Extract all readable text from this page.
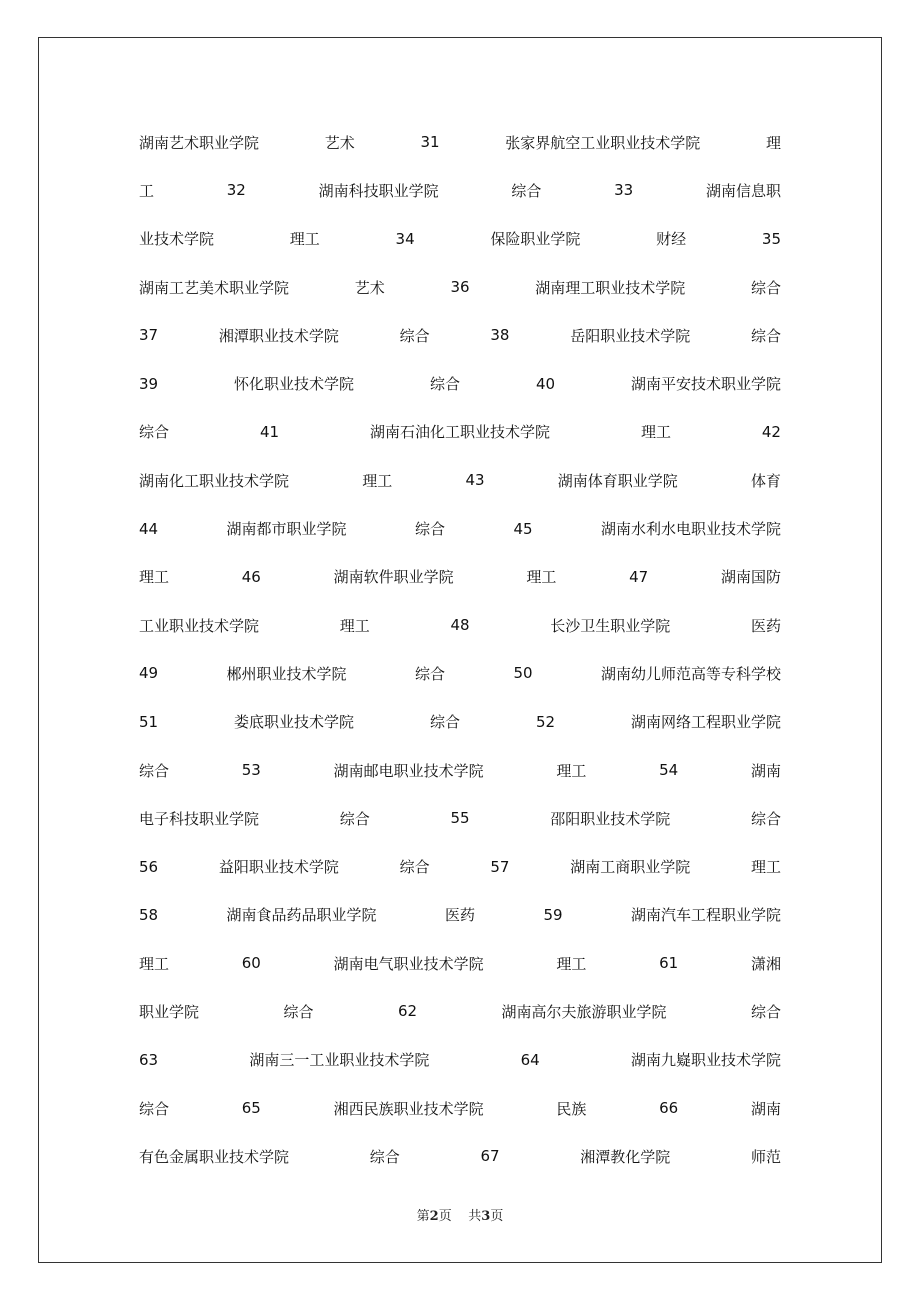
湖南艺术职业学院	艺术	31	张家界航空工业职业技术学院	理
工	32	湖南科技职业学院	综合	33	湖南信息职
业技术学院	理工	34	保险职业学院	财经	35
湖南工艺美术职业学院	艺术	36	湖南理工职业技术学院	综合
37	湘潭职业技术学院	综合	38	岳阳职业技术学院	综合
39	怀化职业技术学院	综合	40	湖南平安技术职业学院
综合	41	湖南石油化工职业技术学院	理工	42
湖南化工职业技术学院	理工	43	湖南体育职业学院	体育
44	湖南都市职业学院	综合	45	湖南水利水电职业技术学院
理工	46	湖南软件职业学院	理工	47	湖南国防
工业职业技术学院	理工	48	长沙卫生职业学院	医药
49	郴州职业技术学院	综合	50	湖南幼儿师范高等专科学校
51	娄底职业技术学院	综合	52	湖南网络工程职业学院
综合	53	湖南邮电职业技术学院	理工	54	湖南
电子科技职业学院	综合	55	邵阳职业技术学院	综合
56	益阳职业技术学院	综合	57	湖南工商职业学院	理工
58	湖南食品药品职业学院	医药	59	湖南汽车工程职业学院
理工	60	湖南电气职业技术学院	理工	61	潇湘
职业学院	综合	62	湖南高尔夫旅游职业学院	综合
63	湖南三一工业职业技术学院	64	湖南九嶷职业技术学院
综合	65	湘西民族职业技术学院	民族	66	湖南
有色金属职业技术学院	综合	67	湘潭教化学院	师范
第2页 共3页
